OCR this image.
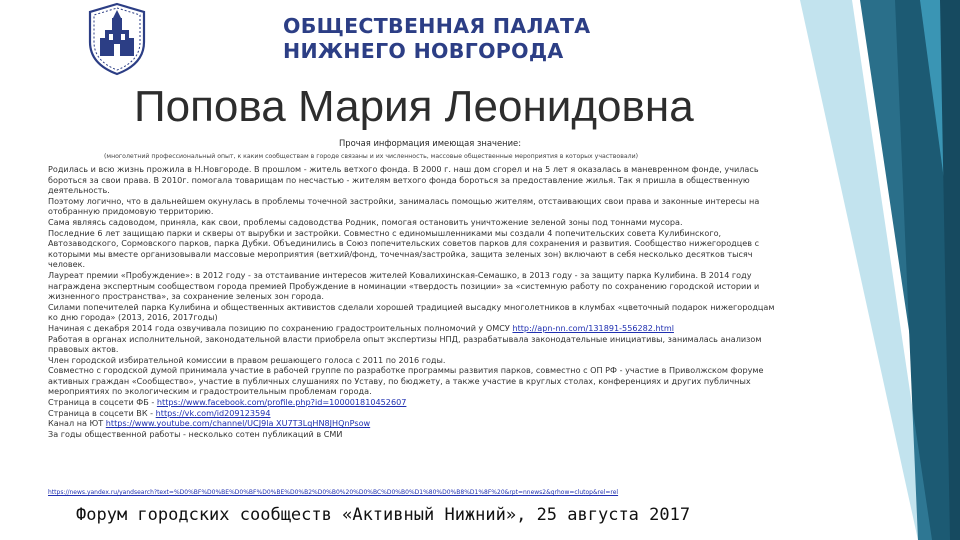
ОБЩЕСТВЕННАЯ ПАЛАТА
НИЖНЕГО НОВГОРОДА
Попова Мария Леонидовна
Прочая информация имеющая значение:
(многолетний профессиональный опыт, к каким сообществам в городе связаны и их численность, массовые общественные мероприятия в которых участвовали)

Родилась и всю жизнь прожила в Н.Новгороде. В прошлом - житель ветхого фонда. В 2000 г. наш дом сгорел и на 5 лет я оказалась в маневренном фонде, училась бороться за свои права. В 2010г. помогала товарищам по несчастью - жителям ветхого фонда бороться за предоставление жилья. Так я пришла в общественную деятельность.

Поэтому логично, что в дальнейшем окунулась в проблемы точечной застройки, занималась помощью жителям, отстаивающих свои права и законные интересы на отобранную придомовую территорию.

Сама являясь садоводом, приняла, как свои, проблемы садоводства Родник, помогая остановить уничтожение зеленой зоны под тоннами мусора.

Последние 6 лет защищаю парки и скверы от вырубки и застройки. Совместно с единомышленниками мы создали 4 попечительских совета Кулибинского, Автозаводского, Сормовского парков, парка Дубки. Объединились в Союз попечительских советов парков для сохранения и развития. Сообщество нижегородцев с которыми мы вместе организовывали массовые мероприятия (ветхий/фонд, точечная/застройка, защита зеленых зон) включают в себя несколько десятков тысяч человек.

Лауреат премии «Пробуждение»: в 2012 году - за отстаивание интересов жителей Ковалихинская-Семашко, в 2013 году - за защиту парка Кулибина. В 2014 году награждена экспертным сообществом города премией Пробуждение в номинации «твердость позиции» за «системную работу по сохранению городской истории и жизненного пространства», за сохранение зеленых зон города.

Силами попечителей парка Кулибина и общественных активистов сделали хорошей традицией высадку многолетников в клумбах «цветочный подарок нижегородцам ко дню города» (2013, 2016, 2017годы)

Начиная с декабря 2014 года озвучивала позицию по сохранению градостроительных полномочий у ОМСУ http://apn-nn.com/131891-556282.html

Работая в органах исполнительной, законодательной власти приобрела опыт экспертизы НПД, разрабатывала законодательные инициативы, занималась анализом правовых актов.

Член городской избирательной комиссии в правом решающего голоса с 2011 по 2016 годы.

Совместно с городской думой принимала участие в рабочей группе по разработке программы развития парков, совместно с ОП РФ - участие в Приволжском форуме активных граждан «Сообщество», участие в публичных слушаниях по Уставу, по бюджету, а также участие в круглых столах, конференциях и других публичных мероприятиях по экологическим и градостроительным проблемам города.

Страница в соцсети ФБ - https://www.facebook.com/profile.php?id=100001810452607

Страница в соцсети ВК - https://vk.com/id209123594

Канал на ЮТ https://www.youtube.com/channel/UCJ9la XU7T3LqHN8JHQnPsow

За годы общественной работы - несколько сотен публикаций в СМИ

https://news.yandex.ru/yandsearch?text=%D0%BF%D0%BE%D0%BF%D0%BE%D0%B2%D0%B0%20%D0%BC%D0%B0%D1%80%D0%B8%D1%8F%20&rpt=nnews2&grhow=clutop&rel=rel
Форум городских сообществ «Активный Нижний», 25 августа 2017
